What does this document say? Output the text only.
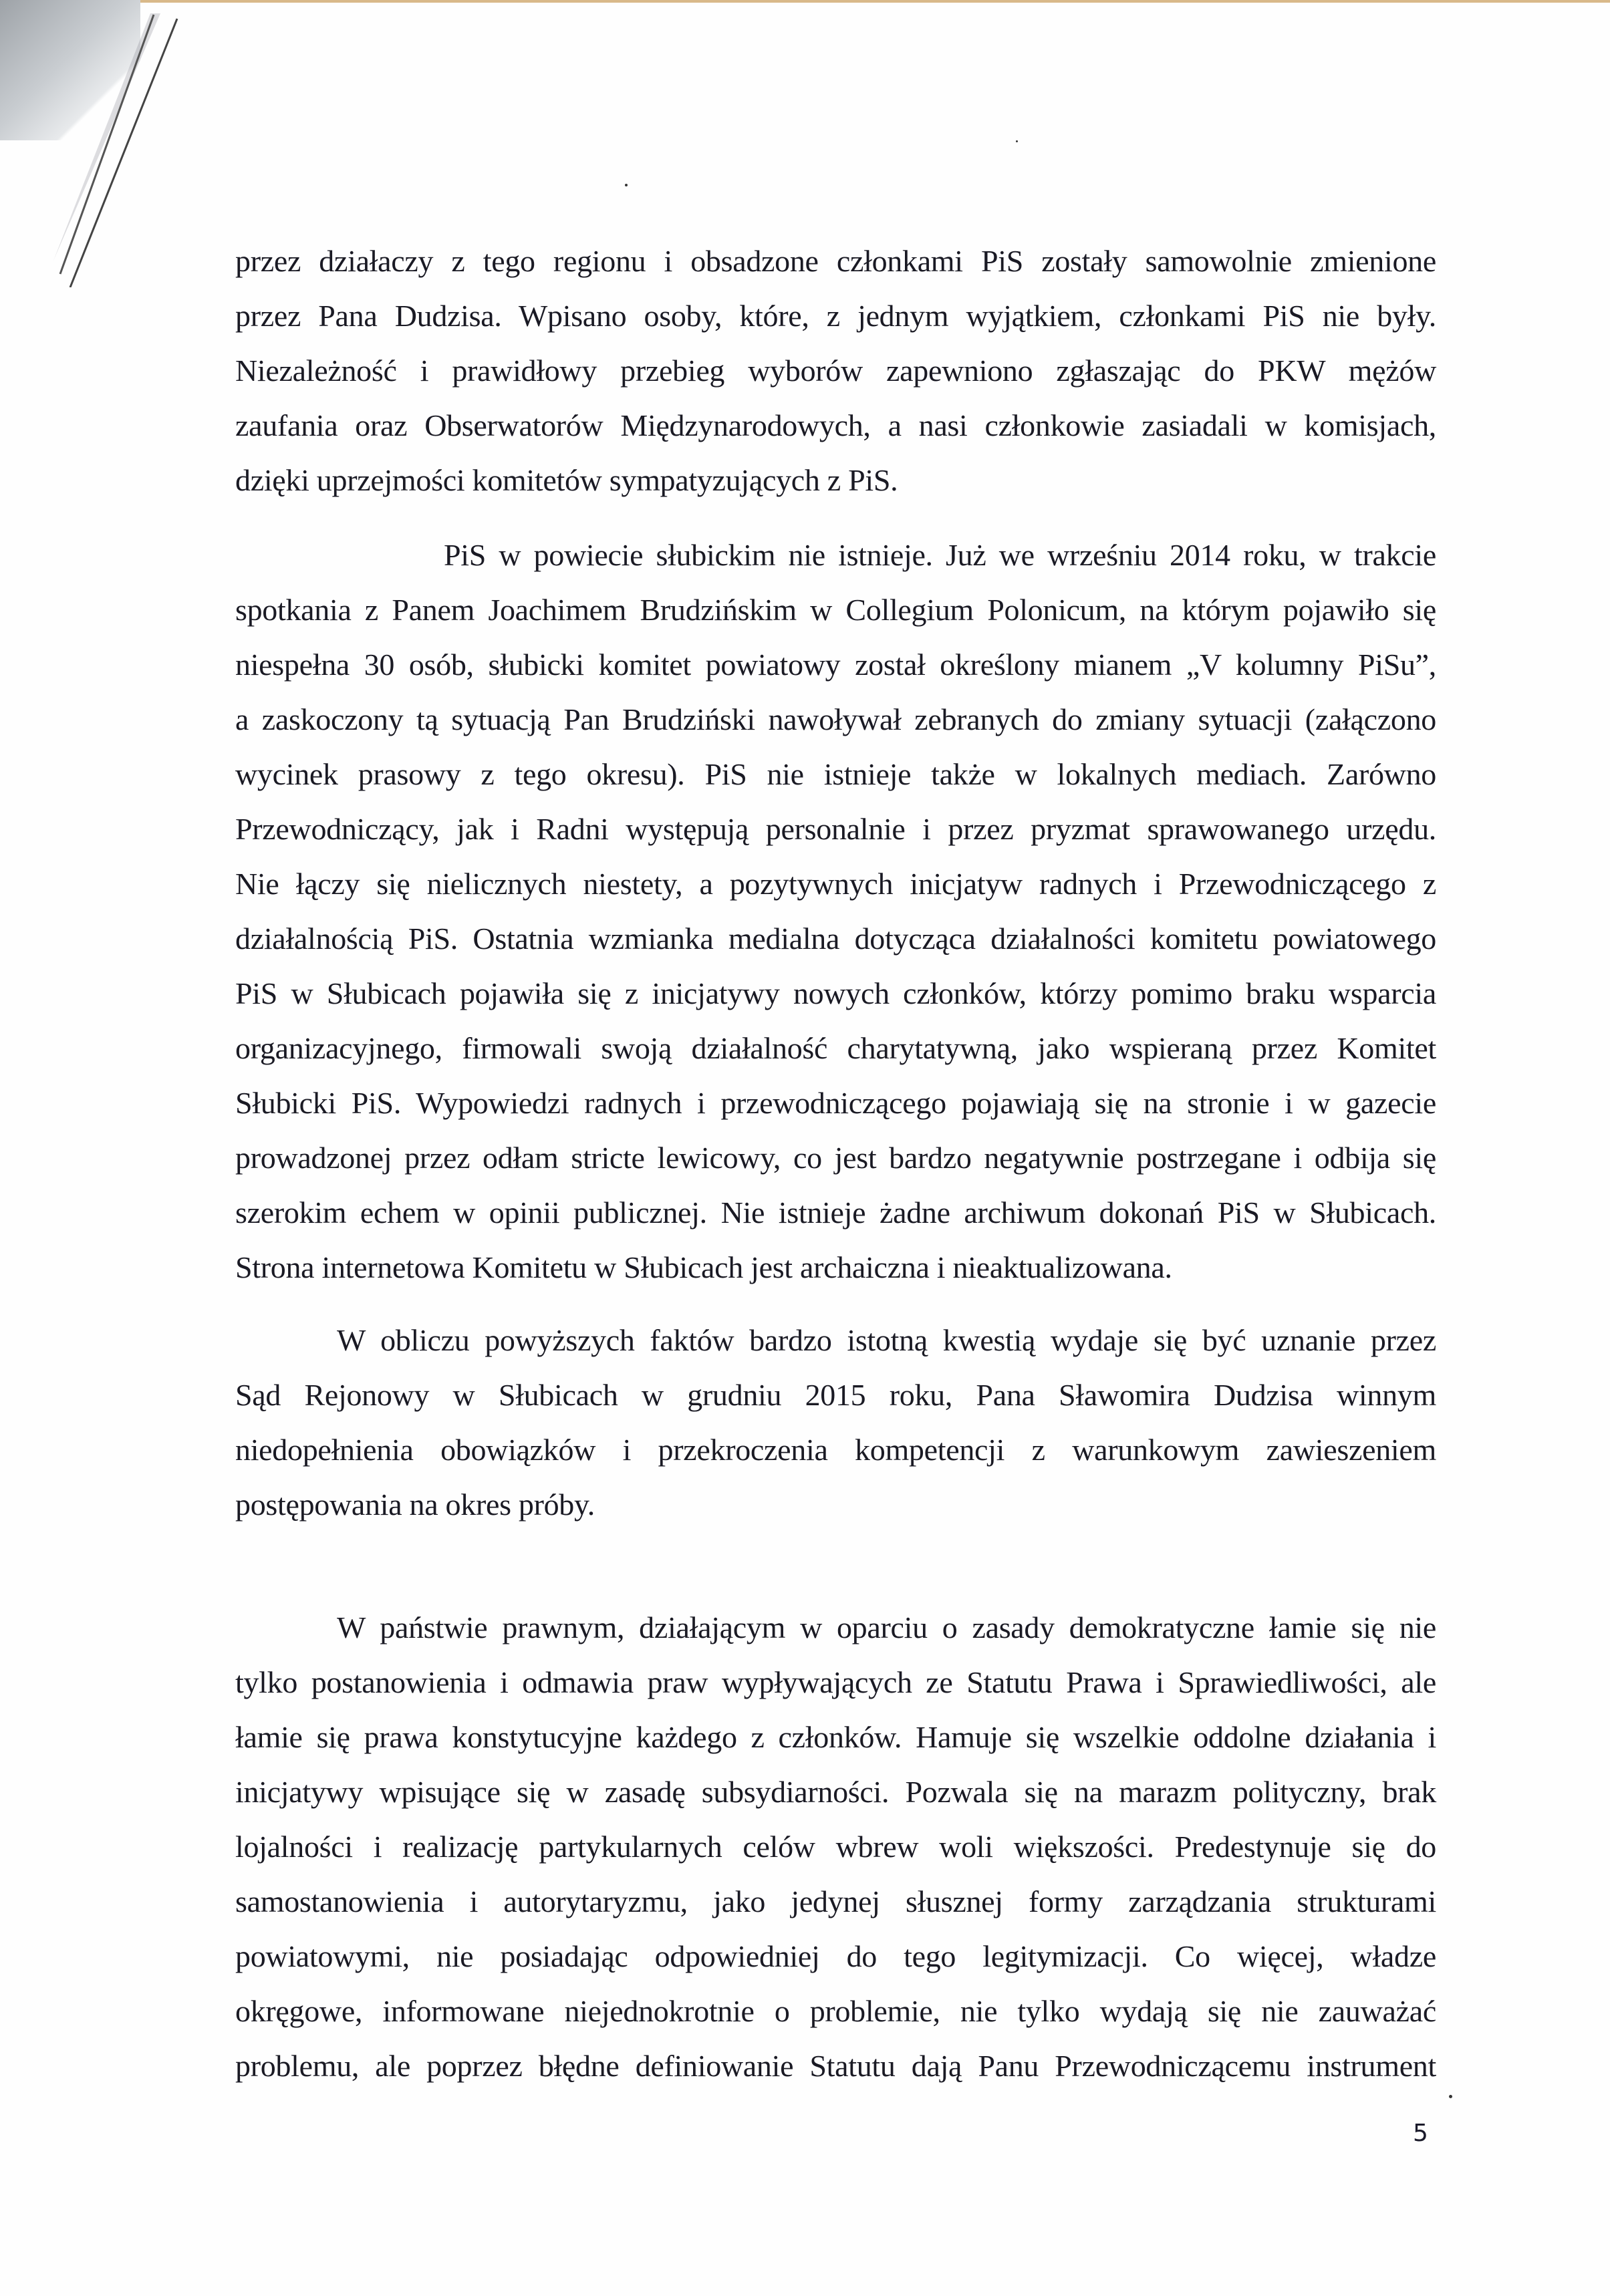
przez działaczy z tego regionu i obsadzone członkami PiS zostały samowolnie zmienione
przez Pana Dudzisa. Wpisano osoby, które, z jednym wyjątkiem, członkami PiS nie były.
Niezależność i prawidłowy przebieg wyborów zapewniono zgłaszając do PKW mężów
zaufania oraz Obserwatorów Międzynarodowych, a nasi członkowie zasiadali w komisjach,
dzięki uprzejmości komitetów sympatyzujących z PiS.
PiS w powiecie słubickim nie istnieje. Już we wrześniu 2014 roku, w trakcie
spotkania z Panem Joachimem Brudzińskim w Collegium Polonicum, na którym pojawiło się
niespełna 30 osób, słubicki komitet powiatowy został określony mianem „V kolumny PiSu”,
a zaskoczony tą sytuacją Pan Brudziński nawoływał zebranych do zmiany sytuacji (załączono
wycinek prasowy z tego okresu). PiS nie istnieje także w lokalnych mediach. Zarówno
Przewodniczący, jak i Radni występują personalnie i przez pryzmat sprawowanego urzędu.
Nie łączy się nielicznych niestety, a pozytywnych inicjatyw radnych i Przewodniczącego z
działalnością PiS. Ostatnia wzmianka medialna dotycząca działalności komitetu powiatowego
PiS w Słubicach pojawiła się z inicjatywy nowych członków, którzy pomimo braku wsparcia
organizacyjnego, firmowali swoją działalność charytatywną, jako wspieraną przez Komitet
Słubicki PiS. Wypowiedzi radnych i przewodniczącego pojawiają się na stronie i w gazecie
prowadzonej przez odłam stricte lewicowy, co jest bardzo negatywnie postrzegane i odbija się
szerokim echem w opinii publicznej. Nie istnieje żadne archiwum dokonań PiS w Słubicach.
Strona internetowa Komitetu w Słubicach jest archaiczna i nieaktualizowana.
W obliczu powyższych faktów bardzo istotną kwestią wydaje się być uznanie przez
Sąd Rejonowy w Słubicach w grudniu 2015 roku, Pana Sławomira Dudzisa winnym
niedopełnienia obowiązków i przekroczenia kompetencji z warunkowym zawieszeniem
postępowania na okres próby.
W państwie prawnym, działającym w oparciu o zasady demokratyczne łamie się nie
tylko postanowienia i odmawia praw wypływających ze Statutu Prawa i Sprawiedliwości, ale
łamie się prawa konstytucyjne każdego z członków. Hamuje się wszelkie oddolne działania i
inicjatywy wpisujące się w zasadę subsydiarności. Pozwala się na marazm polityczny, brak
lojalności i realizację partykularnych celów wbrew woli większości. Predestynuje się do
samostanowienia i autorytaryzmu, jako jedynej słusznej formy zarządzania strukturami
powiatowymi, nie posiadając odpowiedniej do tego legitymizacji. Co więcej, władze
okręgowe, informowane niejednokrotnie o problemie, nie tylko wydają się nie zauważać
problemu, ale poprzez błędne definiowanie Statutu dają Panu Przewodniczącemu instrument
5
